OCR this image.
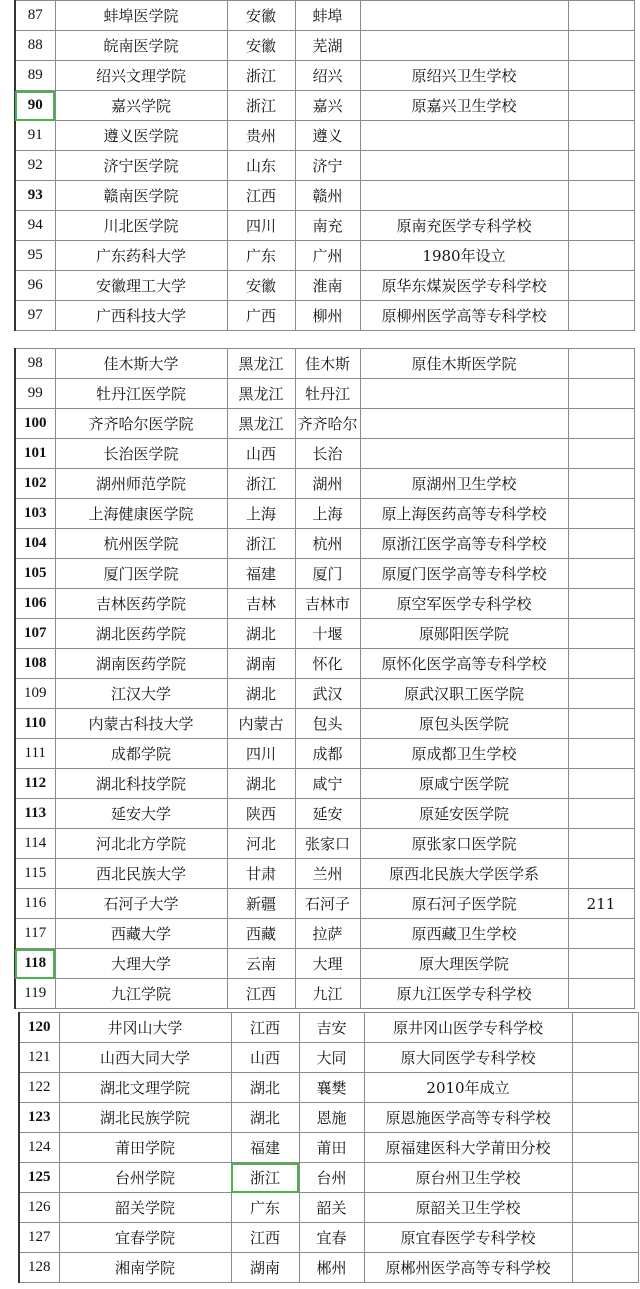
87	蚌埠医学院	安徽	蚌埠		
88	皖南医学院	安徽	芜湖		
89	绍兴文理学院	浙江	绍兴	原绍兴卫生学校	
90	嘉兴学院	浙江	嘉兴	原嘉兴卫生学校	
91	遵义医学院	贵州	遵义		
92	济宁医学院	山东	济宁		
93	赣南医学院	江西	赣州		
94	川北医学院	四川	南充	原南充医学专科学校	
95	广东药科大学	广东	广州	1980年设立	
96	安徽理工大学	安徽	淮南	原华东煤炭医学专科学校	
97	广西科技大学	广西	柳州	原柳州医学高等专科学校	
98	佳木斯大学	黑龙江	佳木斯	原佳木斯医学院	
99	牡丹江医学院	黑龙江	牡丹江		
100	齐齐哈尔医学院	黑龙江	齐齐哈尔		
101	长治医学院	山西	长治		
102	湖州师范学院	浙江	湖州	原湖州卫生学校	
103	上海健康医学院	上海	上海	原上海医药高等专科学校	
104	杭州医学院	浙江	杭州	原浙江医学高等专科学校	
105	厦门医学院	福建	厦门	原厦门医学高等专科学校	
106	吉林医药学院	吉林	吉林市	原空军医学专科学校	
107	湖北医药学院	湖北	十堰	原郧阳医学院	
108	湖南医药学院	湖南	怀化	原怀化医学高等专科学校	
109	江汉大学	湖北	武汉	原武汉职工医学院	
110	内蒙古科技大学	内蒙古	包头	原包头医学院	
111	成都学院	四川	成都	原成都卫生学校	
112	湖北科技学院	湖北	咸宁	原咸宁医学院	
113	延安大学	陕西	延安	原延安医学院	
114	河北北方学院	河北	张家口	原张家口医学院	
115	西北民族大学	甘肃	兰州	原西北民族大学医学系	
116	石河子大学	新疆	石河子	原石河子医学院	211
117	西藏大学	西藏	拉萨	原西藏卫生学校	
118	大理大学	云南	大理	原大理医学院	
119	九江学院	江西	九江	原九江医学专科学校	
120	井冈山大学	江西	吉安	原井冈山医学专科学校	
121	山西大同大学	山西	大同	原大同医学专科学校	
122	湖北文理学院	湖北	襄樊	2010年成立	
123	湖北民族学院	湖北	恩施	原恩施医学高等专科学校	
124	莆田学院	福建	莆田	原福建医科大学莆田分校	
125	台州学院	浙江	台州	原台州卫生学校	
126	韶关学院	广东	韶关	原韶关卫生学校	
127	宜春学院	江西	宜春	原宜春医学专科学校	
128	湘南学院	湖南	郴州	原郴州医学高等专科学校	
